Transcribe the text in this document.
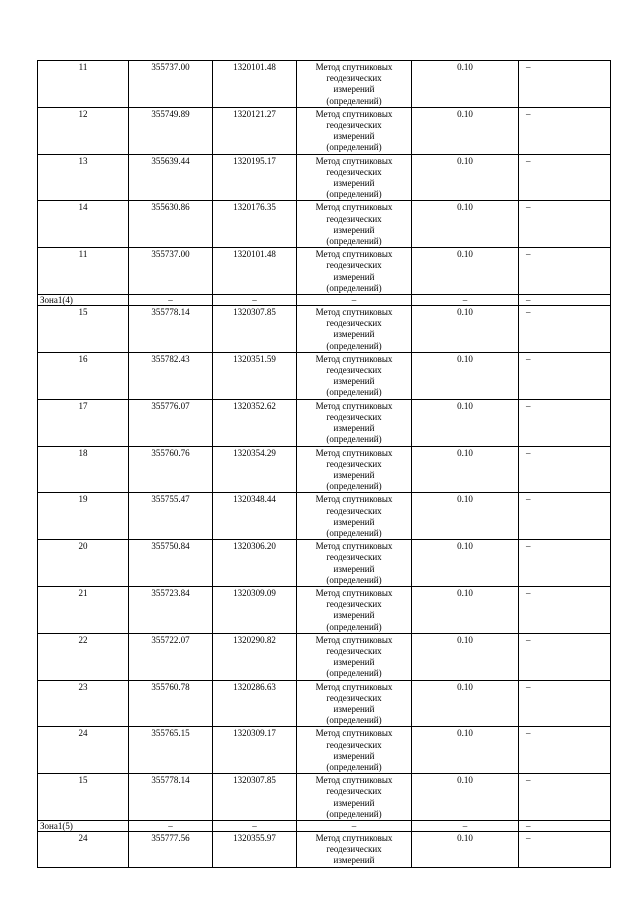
11	355737.00	1320101.48	Метод спутниковых
геодезических
измерений
(определений)	0.10	–
12	355749.89	1320121.27	Метод спутниковых
геодезических
измерений
(определений)	0.10	–
13	355639.44	1320195.17	Метод спутниковых
геодезических
измерений
(определений)	0.10	–
14	355630.86	1320176.35	Метод спутниковых
геодезических
измерений
(определений)	0.10	–
11	355737.00	1320101.48	Метод спутниковых
геодезических
измерений
(определений)	0.10	–
Зона1(4)	–	–	–	–	–
15	355778.14	1320307.85	Метод спутниковых
геодезических
измерений
(определений)	0.10	–
16	355782.43	1320351.59	Метод спутниковых
геодезических
измерений
(определений)	0.10	–
17	355776.07	1320352.62	Метод спутниковых
геодезических
измерений
(определений)	0.10	–
18	355760.76	1320354.29	Метод спутниковых
геодезических
измерений
(определений)	0.10	–
19	355755.47	1320348.44	Метод спутниковых
геодезических
измерений
(определений)	0.10	–
20	355750.84	1320306.20	Метод спутниковых
геодезических
измерений
(определений)	0.10	–
21	355723.84	1320309.09	Метод спутниковых
геодезических
измерений
(определений)	0.10	–
22	355722.07	1320290.82	Метод спутниковых
геодезических
измерений
(определений)	0.10	–
23	355760.78	1320286.63	Метод спутниковых
геодезических
измерений
(определений)	0.10	–
24	355765.15	1320309.17	Метод спутниковых
геодезических
измерений
(определений)	0.10	–
15	355778.14	1320307.85	Метод спутниковых
геодезических
измерений
(определений)	0.10	–
Зона1(5)	–	–	–	–	–
24	355777.56	1320355.97	Метод спутниковых
геодезических
измерений	0.10	–
